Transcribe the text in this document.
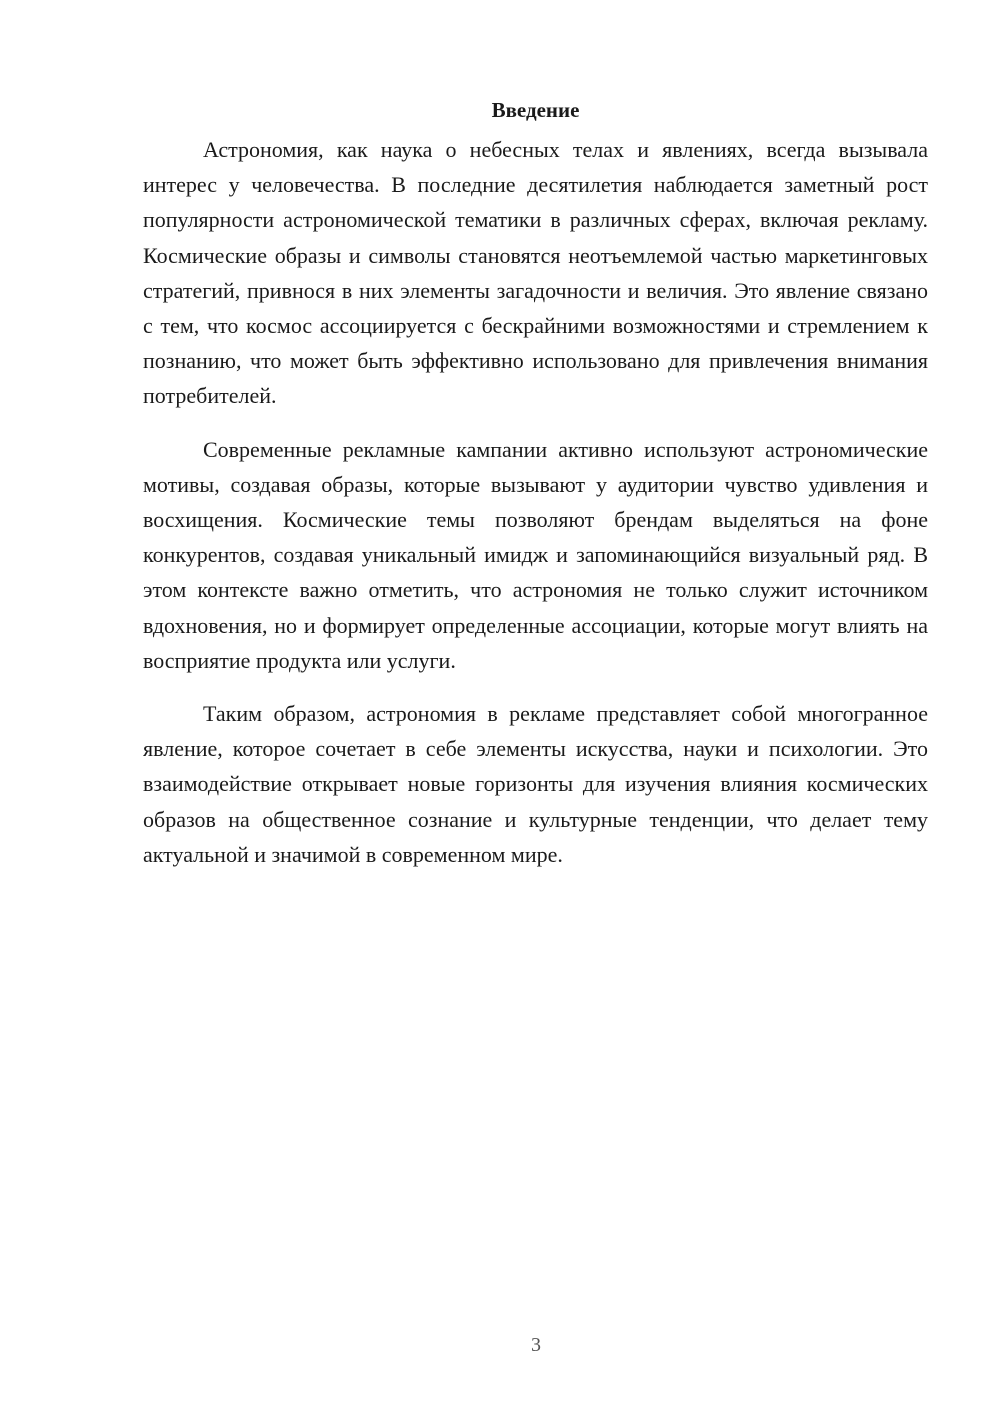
Введение

Астрономия, как наука о небесных телах и явлениях, всегда вызывала интерес у человечества. В последние десятилетия наблюдается заметный рост популярности астрономической тематики в различных сферах, включая рекламу. Космические образы и символы становятся неотъемлемой частью маркетинговых стратегий, привнося в них элементы загадочности и величия. Это явление связано с тем, что космос ассоциируется с бескрайними возможностями и стремлением к познанию, что может быть эффективно использовано для привлечения внимания потребителей.

Современные рекламные кампании активно используют астрономические мотивы, создавая образы, которые вызывают у аудитории чувство удивления и восхищения. Космические темы позволяют брендам выделяться на фоне конкурентов, создавая уникальный имидж и запоминающийся визуальный ряд. В этом контексте важно отметить, что астрономия не только служит источником вдохновения, но и формирует определенные ассоциации, которые могут влиять на восприятие продукта или услуги.

Таким образом, астрономия в рекламе представляет собой многогранное явление, которое сочетает в себе элементы искусства, науки и психологии. Это взаимодействие открывает новые горизонты для изучения влияния космических образов на общественное сознание и культурные тенденции, что делает тему актуальной и значимой в современном мире.

3
